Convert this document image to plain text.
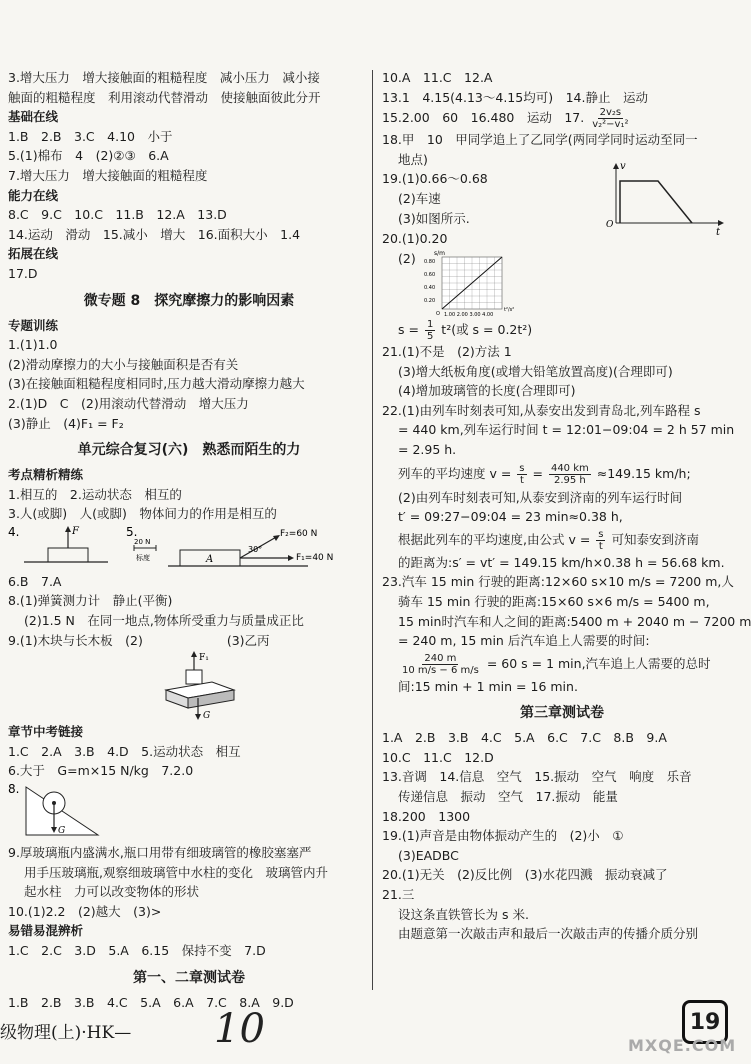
3.增大压力　增大接触面的粗糙程度　减小压力　减小接
触面的粗糙程度　利用滚动代替滑动　使接触面彼此分开
基础在线
1.B　2.B　3.C　4.10　小于
5.(1)棉布　4　(2)②③　6.A
7.增大压力　增大接触面的粗糙程度
能力在线
8.C　9.C　10.C　11.B　12.A　13.D
14.运动　滑动　15.减小　增大　16.面积大小　1.4
拓展在线
17.D
微专题 8　探究摩擦力的影响因素
专题训练
1.(1)1.0
(2)滑动摩擦力的大小与接触面积是否有关
(3)在接触面粗糙程度相同时,压力越大滑动摩擦力越大
2.(1)D　C　(2)用滚动代替滑动　增大压力
(3)静止　(4)F₁ = F₂
单元综合复习(六)　熟悉而陌生的力
考点精析精练
1.相互的　2.运动状态　相互的
3.人(或脚)　人(或脚)　物体间力的作用是相互的
4.	F	5.
20 N
标度	A
30°
F₂=60 N
F₁=40 N
6.B　7.A
8.(1)弹簧测力计　静止(平衡)
(2)1.5 N　在同一地点,物体所受重力与质量成正比
9.(1)木块与长木板　(2)	(3)乙丙
F₁
G
章节中考链接
1.C　2.A　3.B　4.D　5.运动状态　相互
6.大于　G=m×15 N/kg　7.2.0
8.
G
9.厚玻璃瓶内盛满水,瓶口用带有细玻璃管的橡胶塞塞严
用手压玻璃瓶,观察细玻璃管中水柱的变化　玻璃管内升
起水柱　力可以改变物体的形状
10.(1)2.2　(2)越大　(3)>
易错易混辨析
1.C　2.C　3.D　5.A　6.15　保持不变　7.D
第一、二章测试卷
1.B　2.B　3.B　4.C　5.A　6.A　7.C　8.A　9.D
10.A　11.C　12.A
13.1　4.15(4.13～4.15均可)　14.静止　运动
15.2.00　60　16.480　运动　17. $\frac{\text{2v₂s}}{\text{v₂²−v₁²}}$
18.甲　10　甲同学追上了乙同学(两同学同时运动至同一
地点)
19.(1)0.66～0.68
(2)车速
(3)如图所示.
v
O
t
20.(1)0.20
(2)	s/m
0.80
0.60
0.40
0.20
O 1.00 2.00 3.00 4.00
t²/s²
$s = \frac{1}{5} t^2$(或 s = 0.2t²)
21.(1)不是　(2)方法 1
(3)增大纸板角度(或增大铅笔放置高度)(合理即可)
(4)增加玻璃管的长度(合理即可)
22.(1)由列车时刻表可知,从泰安出发到青岛北,列车路程 s
= 440 km,列车运行时间 t = 12:01−09:04 = 2 h 57 min
= 2.95 h.
列车的平均速度 $v = \frac{s}{t} = \frac{440 km}{2.95 h} \approx 149.15$ km/h;
(2)由列车时刻表可知,从泰安到济南的列车运行时间
t′ = 09:27−09:04 = 23 min≈0.38 h,
根据此列车的平均速度,由公式 $v = \frac{s}{t}$ 可知泰安到济南
的距离为:s′ = vt′ = 149.15 km/h×0.38 h = 56.68 km.
23.汽车 15 min 行驶的距离:12×60 s×10 m/s = 7200 m,人
骑车 15 min 行驶的距离:15×60 s×6 m/s = 5400 m,
15 min时汽车和人之间的距离:5400 m + 2040 m − 7200 m
= 240 m, 15 min 后汽车追上人需要的时间:
$\frac{240 m}{10 m/s - 6 m/s} = 60$ s = 1 min,汽车追上人需要的总时
间:15 min + 1 min = 16 min.
第三章测试卷
1.A　2.B　3.B　4.C　5.A　6.C　7.C　8.B　9.A
10.C　11.C　12.D
13.音调　14.信息　空气　15.振动　空气　响度　乐音
传递信息　振动　空气　17.振动　能量
18.200　1300
19.(1)声音是由物体振动产生的　(2)小　①
(3)EADBC
20.(1)无关　(2)反比例　(3)水花四溅　振动衰减了
21.三
设这条直铁管长为 s 米.
由题意第一次敲击声和最后一次敲击声的传播介质分别
级物理(上)·HK— 10	19
MXQE.COM
